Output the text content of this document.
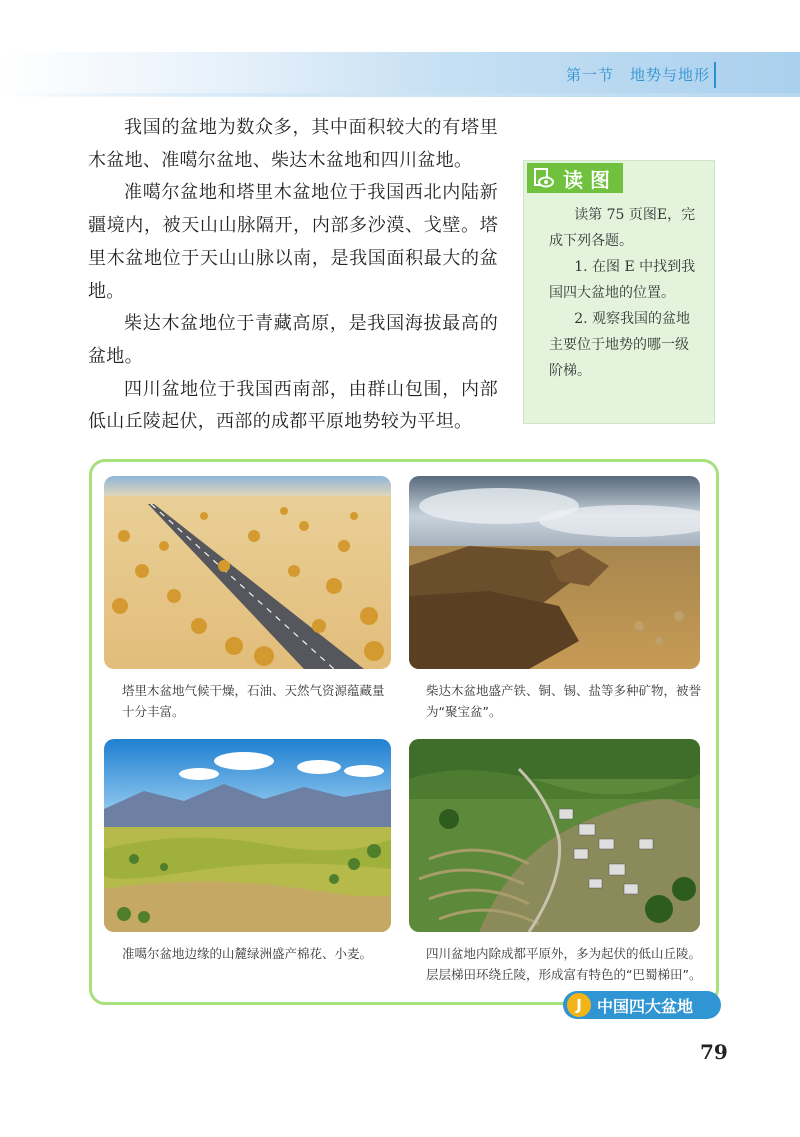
第一节 地势与地形

我国的盆地为数众多，其中面积较大的有塔里木盆地、准噶尔盆地、柴达木盆地和四川盆地。

准噶尔盆地和塔里木盆地位于我国西北内陆新疆境内，被天山山脉隔开，内部多沙漠、戈壁。塔里木盆地位于天山山脉以南，是我国面积最大的盆地。

柴达木盆地位于青藏高原，是我国海拔最高的盆地。

四川盆地位于我国西南部，由群山包围，内部低山丘陵起伏，西部的成都平原地势较为平坦。

读 图

读第 75 页图E，完成下列各题。

1. 在图 E 中找到我国四大盆地的位置。

2. 观察我国的盆地主要位于地势的哪一级阶梯。

塔里木盆地气候干燥，石油、天然气资源蕴藏量十分丰富。
柴达木盆地盛产铁、铜、锡、盐等多种矿物，被誉为“聚宝盆”。
准噶尔盆地边缘的山麓绿洲盛产棉花、小麦。	四川盆地内除成都平原外，多为起伏的低山丘陵。层层梯田环绕丘陵，形成富有特色的“巴蜀梯田”。
J 中国四大盆地
79
